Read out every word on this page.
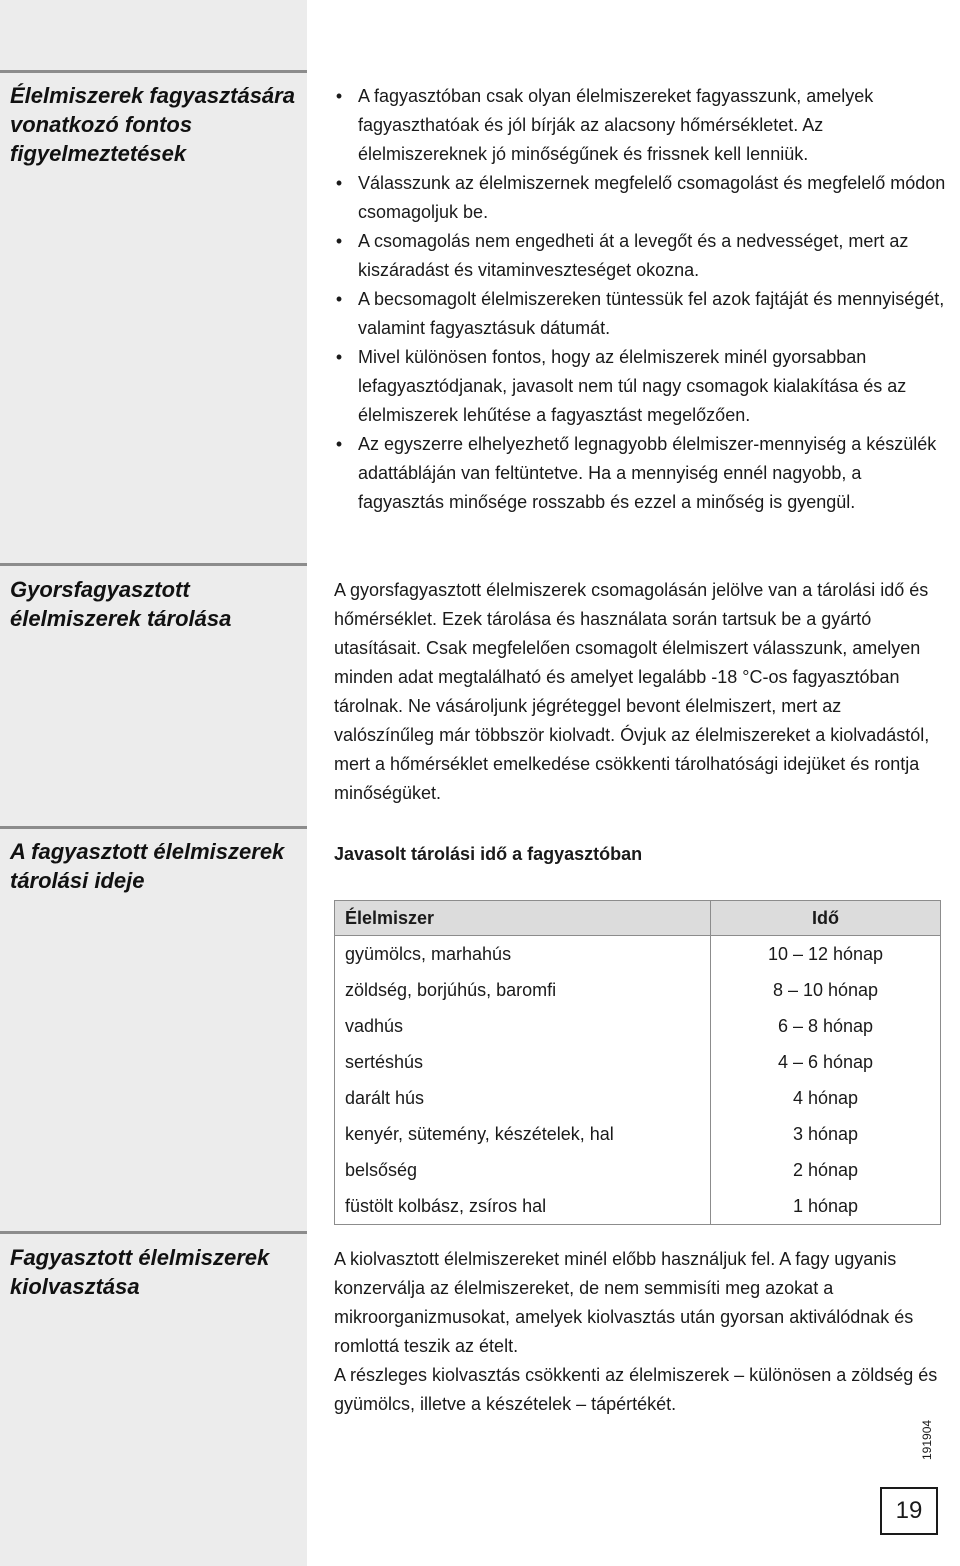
Élelmiszerek fagyasztására vonatkozó fontos figyelmeztetések
Gyorsfagyasztott élelmiszerek tárolása
A fagyasztott élelmiszerek tárolási ideje
Fagyasztott élelmiszerek kiolvasztása
• A fagyasztóban csak olyan élelmiszereket fagyasszunk, amelyek fagyaszthatóak és jól bírják az alacsony hőmérsékletet. Az élelmiszereknek jó minőségűnek és frissnek kell lenniük.
• Válasszunk az élelmiszernek megfelelő csomagolást és megfelelő módon csomagoljuk be.
• A csomagolás nem engedheti át a levegőt és a nedvességet, mert az kiszáradást és vitaminveszteséget okozna.
• A becsomagolt élelmiszereken tüntessük fel azok fajtáját és mennyiségét, valamint fagyasztásuk dátumát.
• Mivel különösen fontos, hogy az élelmiszerek minél gyorsabban lefagyasztódjanak, javasolt nem túl nagy csomagok kialakítása és az élelmiszerek lehűtése a fagyasztást megelőzően.
• Az egyszerre elhelyezhető legnagyobb élelmiszer-mennyiség a készülék adattábláján van feltüntetve. Ha a mennyiség ennél nagyobb, a fagyasztás minősége rosszabb és ezzel a minőség is gyengül.

A gyorsfagyasztott élelmiszerek csomagolásán jelölve van a tárolási idő és hőmérséklet. Ezek tárolása és használata során tartsuk be a gyártó utasításait. Csak megfelelően csomagolt élelmiszert válasszunk, amelyen minden adat megtalálható és amelyet legalább -18 °C-os fagyasztóban tárolnak. Ne vásároljunk jégréteggel bevont élelmiszert, mert az valószínűleg már többször kiolvadt. Óvjuk az élelmiszereket a kiolvadástól, mert a hőmérséklet emelkedése csökkenti tárolhatósági idejüket és rontja minőségüket.

Javasolt tárolási idő a fagyasztóban
Élelmiszer	Idő
gyümölcs, marhahús	10 – 12 hónap
zöldség, borjúhús, baromfi	8 – 10 hónap
vadhús	6 – 8 hónap
sertéshús	4 – 6 hónap
darált hús	4 hónap
kenyér, sütemény, készételek, hal	3 hónap
belsőség	2 hónap
füstölt kolbász, zsíros hal	1 hónap

A kiolvasztott élelmiszereket minél előbb használjuk fel. A fagy ugyanis konzerválja az élelmiszereket, de nem semmisíti meg azokat a mikroorganizmusokat, amelyek kiolvasztás után gyorsan aktiválódnak és romlottá teszik az ételt.

A részleges kiolvasztás csökkenti az élelmiszerek – különösen a zöldség és gyümölcs, illetve a készételek – tápértékét.

191904
19
